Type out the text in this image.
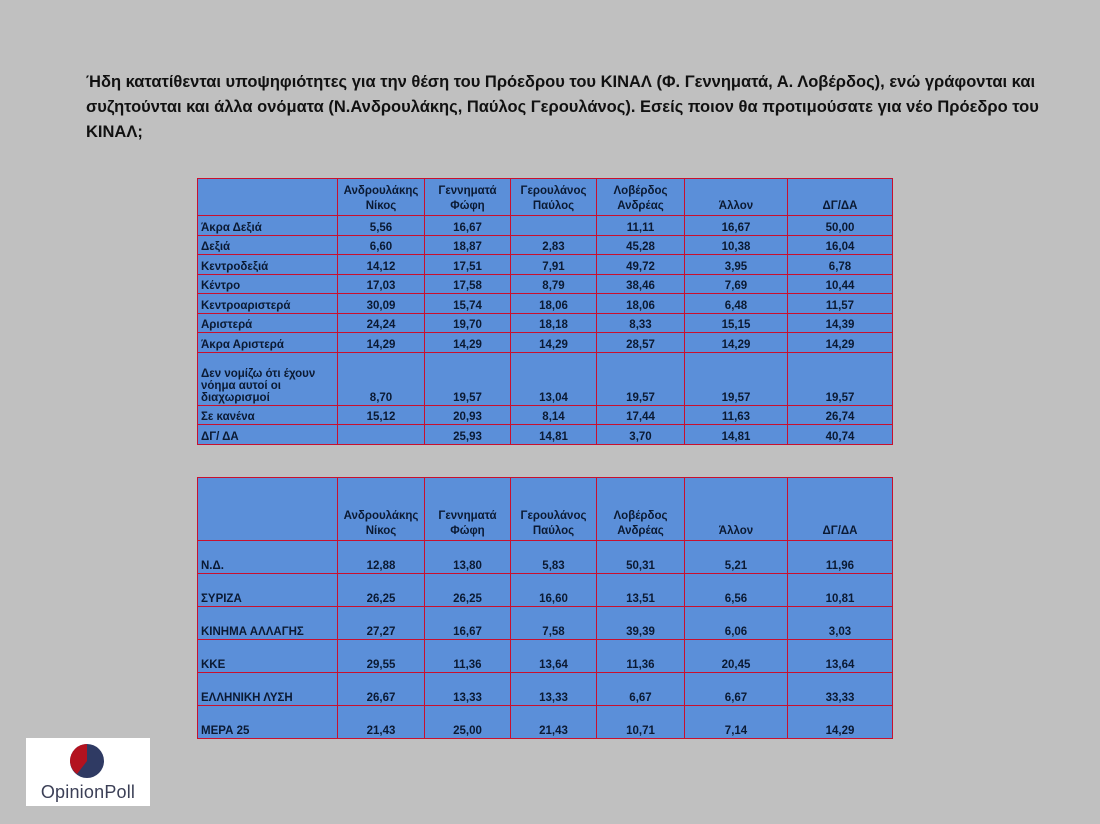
Ήδη κατατίθενται υποψηφιότητες για την θέση του Πρόεδρου του ΚΙΝΑΛ (Φ. Γεννηματά, Α. Λοβέρδος), ενώ γράφονται και συζητούνται και άλλα ονόματα (Ν.Ανδρουλάκης, Παύλος Γερουλάνος). Εσείς ποιον θα προτιμούσατε για νέο Πρόεδρο του ΚΙΝΑΛ;
	Ανδρουλάκης Νίκος	Γεννηματά Φώφη	Γερουλάνος Παύλος	Λοβέρδος Ανδρέας	Άλλον	ΔΓ/ΔΑ
Άκρα Δεξιά	5,56	16,67		11,11	16,67	50,00
Δεξιά	6,60	18,87	2,83	45,28	10,38	16,04
Κεντροδεξιά	14,12	17,51	7,91	49,72	3,95	6,78
Κέντρο	17,03	17,58	8,79	38,46	7,69	10,44
Κεντροαριστερά	30,09	15,74	18,06	18,06	6,48	11,57
Αριστερά	24,24	19,70	18,18	8,33	15,15	14,39
Άκρα Αριστερά	14,29	14,29	14,29	28,57	14,29	14,29
Δεν νομίζω ότι έχουν νόημα αυτοί οι διαχωρισμοί	8,70	19,57	13,04	19,57	19,57	19,57
Σε κανένα	15,12	20,93	8,14	17,44	11,63	26,74
ΔΓ/ ΔΑ		25,93	14,81	3,70	14,81	40,74
	Ανδρουλάκης Νίκος	Γεννηματά Φώφη	Γερουλάνος Παύλος	Λοβέρδος Ανδρέας	Άλλον	ΔΓ/ΔΑ
Ν.Δ.	12,88	13,80	5,83	50,31	5,21	11,96
ΣΥΡΙΖΑ	26,25	26,25	16,60	13,51	6,56	10,81
ΚΙΝΗΜΑ ΑΛΛΑΓΗΣ	27,27	16,67	7,58	39,39	6,06	3,03
ΚΚΕ	29,55	11,36	13,64	11,36	20,45	13,64
ΕΛΛΗΝΙΚΗ ΛΥΣΗ	26,67	13,33	13,33	6,67	6,67	33,33
ΜΕΡΑ 25	21,43	25,00	21,43	10,71	7,14	14,29
OpinionPoll
